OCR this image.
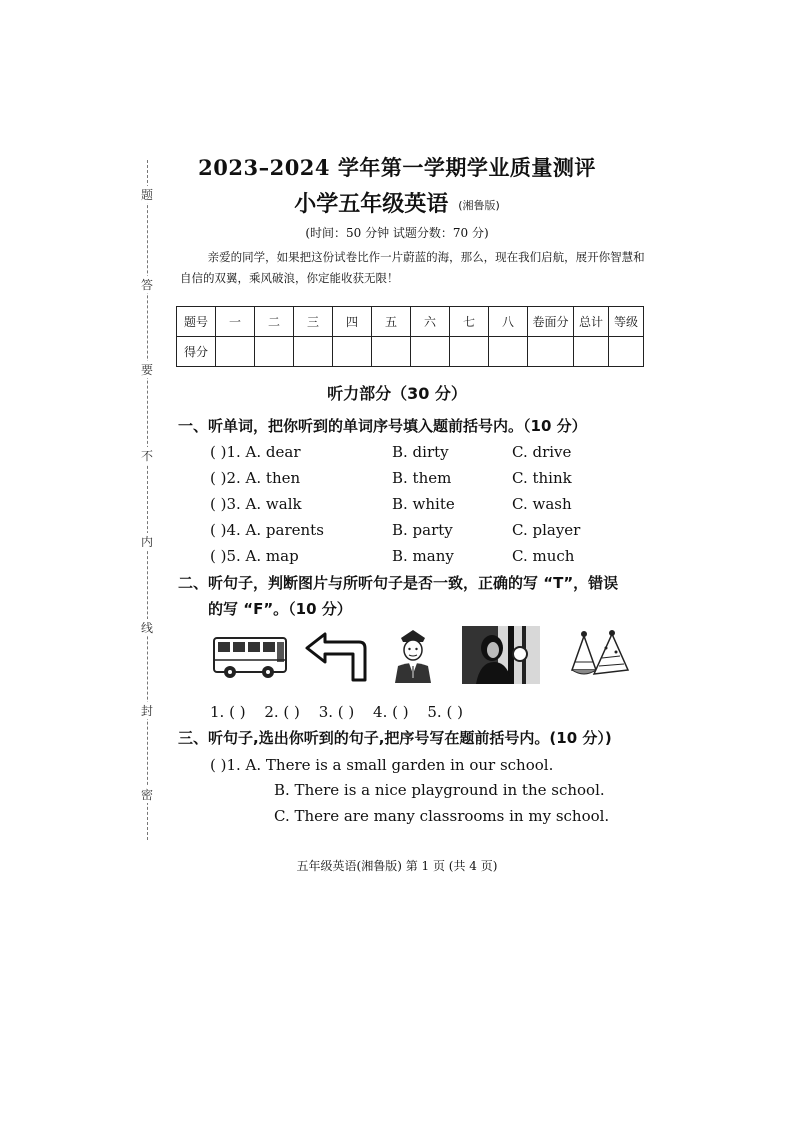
题
答
要
不
内
线
封
密
2023–2024 学年第一学期学业质量测评
小学五年级英语 (湘鲁版)
(时间：50 分钟 试题分数：70 分)
亲爱的同学，如果把这份试卷比作一片蔚蓝的海，那么，现在我们启航，展开你智慧和自信的双翼，乘风破浪，你定能收获无限！
题号	一	二	三	四	五	六	七	八	卷面分	总计	等级
得分											
听力部分（30 分）
一、听单词，把你听到的单词序号填入题前括号内。（10 分）
( )1. A. dear	B. dirty	C. drive
( )2. A. then	B. them	C. think
( )3. A. walk	B. white	C. wash
( )4. A. parents	B. party	C. player
( )5. A. map	B. many	C. much
二、听句子，判断图片与所听句子是否一致，正确的写 “T”，错误
的写 “F”。（10 分）
1. ( ) 2. ( ) 3. ( ) 4. ( ) 5. ( )
三、听句子,选出你听到的句子,把序号写在题前括号内。(10 分）)
( )1. A. There is a small garden in our school.
B. There is a nice playground in the school.
C. There are many classrooms in my school.
五年级英语(湘鲁版) 第 1 页 (共 4 页)
